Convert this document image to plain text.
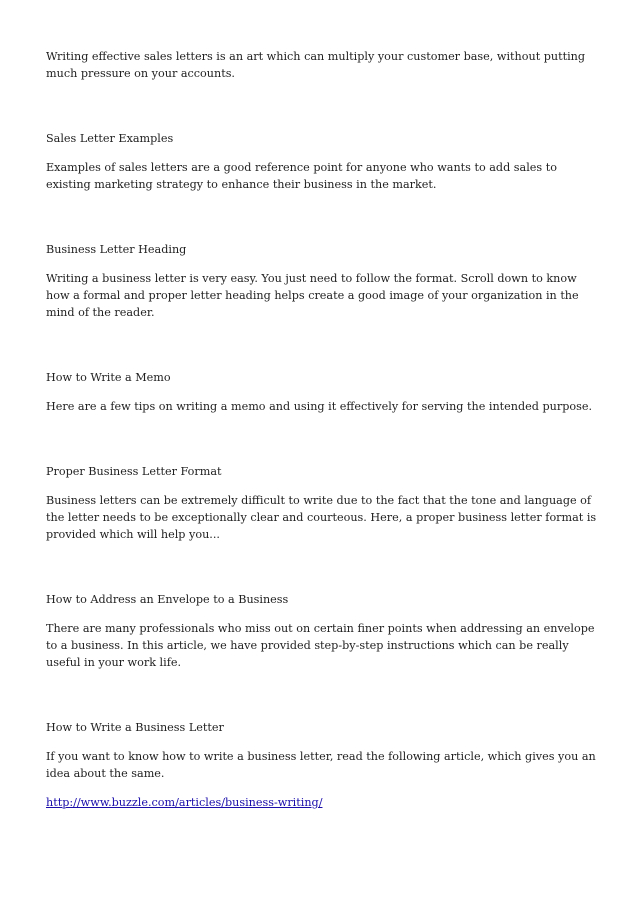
Writing effective sales letters is an art which can multiply your customer base, without putting much pressure on your accounts.

Sales Letter Examples

Examples of sales letters are a good reference point for anyone who wants to add sales to existing marketing strategy to enhance their business in the market.

Business Letter Heading

Writing a business letter is very easy. You just need to follow the format. Scroll down to know how a formal and proper letter heading helps create a good image of your organization in the mind of the reader.

How to Write a Memo

Here are a few tips on writing a memo and using it effectively for serving the intended purpose.

Proper Business Letter Format

Business letters can be extremely difficult to write due to the fact that the tone and language of the letter needs to be exceptionally clear and courteous. Here, a proper business letter format is provided which will help you...

How to Address an Envelope to a Business

There are many professionals who miss out on certain finer points when addressing an envelope to a business. In this article, we have provided step-by-step instructions which can be really useful in your work life.

How to Write a Business Letter

If you want to know how to write a business letter, read the following article, which gives you an idea about the same.

http://www.buzzle.com/articles/business-writing/
